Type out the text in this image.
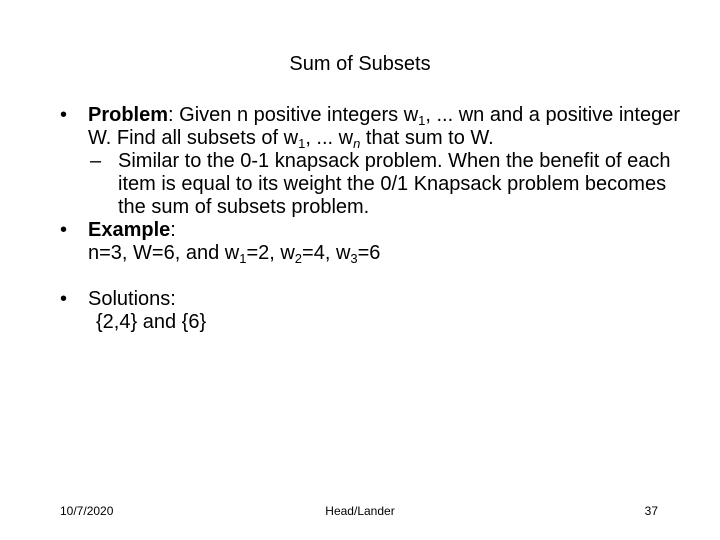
Sum of Subsets
• Problem: Given n positive integers $w_1$, ... wn and a positive integer W. Find all subsets of $w_1$, ... $w_n$ that sum to W.
– Similar to the 0-1 knapsack problem. When the benefit of each item is equal to its weight the 0/1 Knapsack problem becomes the sum of subsets problem.
• Example:
n=3, W=6, and $w_1=2$, $w_2=4$, $w_3=6$
• Solutions:
{2,4} and {6}
10/7/2020	Head/Lander	37
